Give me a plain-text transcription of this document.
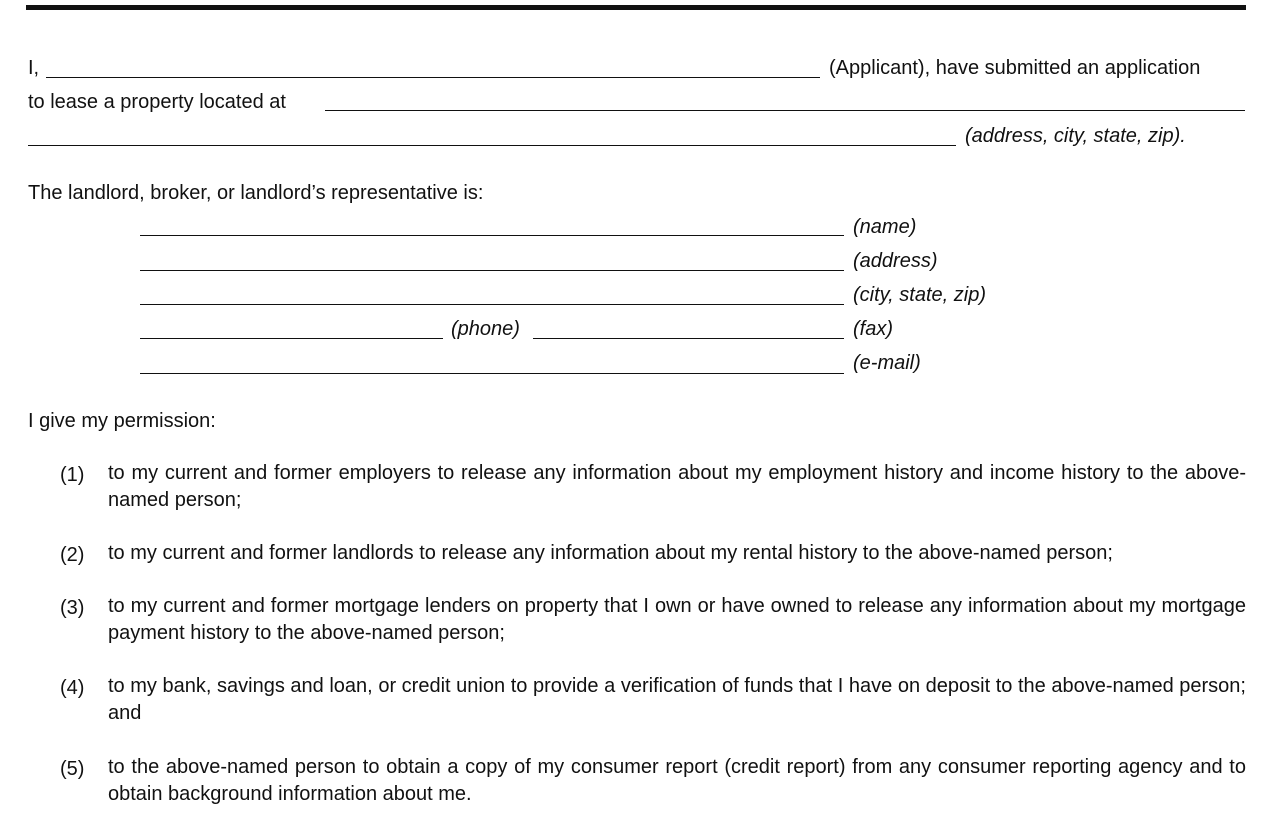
I,	(Applicant), have submitted an application
to lease a property located at
(address, city, state, zip).
The landlord, broker, or landlord’s representative is:
(name)
(address)
(city, state, zip)
(phone)	(fax)
(e-mail)
I give my permission:
(1) to my current and former employers to release any information about my employment history and income history to the above-named person;
(2) to my current and former landlords to release any information about my rental history to the above-named person;
(3) to my current and former mortgage lenders on property that I own or have owned to release any information about my mortgage payment history to the above-named person;
(4) to my bank, savings and loan, or credit union to provide a verification of funds that I have on deposit to the above-named person; and
(5) to the above-named person to obtain a copy of my consumer report (credit report) from any consumer reporting agency and to obtain background information about me.
